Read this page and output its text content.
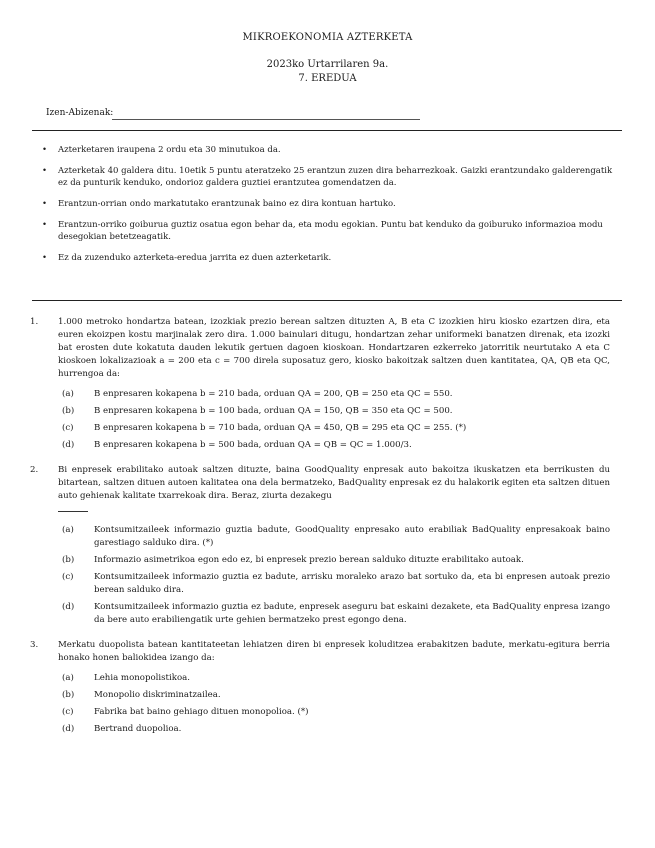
MIKROEKONOMIA AZTERKETA
2023ko Urtarrilaren 9a.
7. EREDUA
Izen-Abizenak:
• Azterketaren iraupena 2 ordu eta 30 minutukoa da.
• Azterketak 40 galdera ditu. 10etik 5 puntu ateratzeko 25 erantzun zuzen dira beharrezkoak. Gaizki erantzundako galderengatik ez da punturik kenduko, ondorioz galdera guztiei erantzutea gomendatzen da.
• Erantzun-orrian ondo markatutako erantzunak baino ez dira kontuan hartuko.
• Erantzun-orriko goiburua guztiz osatua egon behar da, eta modu egokian. Puntu bat kenduko da goiburuko informazioa modu desegokian betetzeagatik.
• Ez da zuzenduko azterketa-eredua jarrita ez duen azterketarik.
1. 1.000 metroko hondartza batean, izozkiak prezio berean saltzen dituzten A, B eta C izozkien hiru kiosko ezartzen dira, eta euren ekoizpen kostu marjinalak zero dira. 1.000 bainulari ditugu, hondartzan zehar uniformeki banatzen direnak, eta izozki bat erosten dute kokatuta dauden lekutik gertuen dagoen kioskoan. Hondartzaren ezkerreko jatorritik neurtutako A eta C kioskoen lokalizazioak a = 200 eta c = 700 direla suposatuz gero, kiosko bakoitzak saltzen duen kantitatea, QA, QB eta QC, hurrengoa da:
(a) B enpresaren kokapena b = 210 bada, orduan QA = 200, QB = 250 eta QC = 550.
(b) B enpresaren kokapena b = 100 bada, orduan QA = 150, QB = 350 eta QC = 500.
(c) B enpresaren kokapena b = 710 bada, orduan QA = 450, QB = 295 eta QC = 255. (*)
(d) B enpresaren kokapena b = 500 bada, orduan QA = QB = QC = 1.000/3.
2. Bi enpresek erabilitako autoak saltzen dituzte, baina GoodQuality enpresak auto bakoitza ikuskatzen eta berrikusten du bitartean, saltzen dituen autoen kalitatea ona dela bermatzeko, BadQuality enpresak ez du halakorik egiten eta saltzen dituen auto gehienak kalitate txarrekoak dira. Beraz, ziurta dezakegu

(a) Kontsumitzaileek informazio guztia badute, GoodQuality enpresako auto erabiliak BadQuality enpresakoak baino garestiago salduko dira. (*)
(b) Informazio asimetrikoa egon edo ez, bi enpresek prezio berean salduko dituzte erabilitako autoak.
(c) Kontsumitzaileek informazio guztia ez badute, arrisku moraleko arazo bat sortuko da, eta bi enpresen autoak prezio berean salduko dira.
(d) Kontsumitzaileek informazio guztia ez badute, enpresek aseguru bat eskaini dezakete, eta BadQuality enpresa izango da bere auto erabiliengatik urte gehien bermatzeko prest egongo dena.
3. Merkatu duopolista batean kantitateetan lehiatzen diren bi enpresek koluditzea erabakitzen badute, merkatu-egitura berria honako honen baliokidea izango da:
(a) Lehia monopolistikoa.
(b) Monopolio diskriminatzailea.
(c) Fabrika bat baino gehiago dituen monopolioa. (*)
(d) Bertrand duopolioa.
